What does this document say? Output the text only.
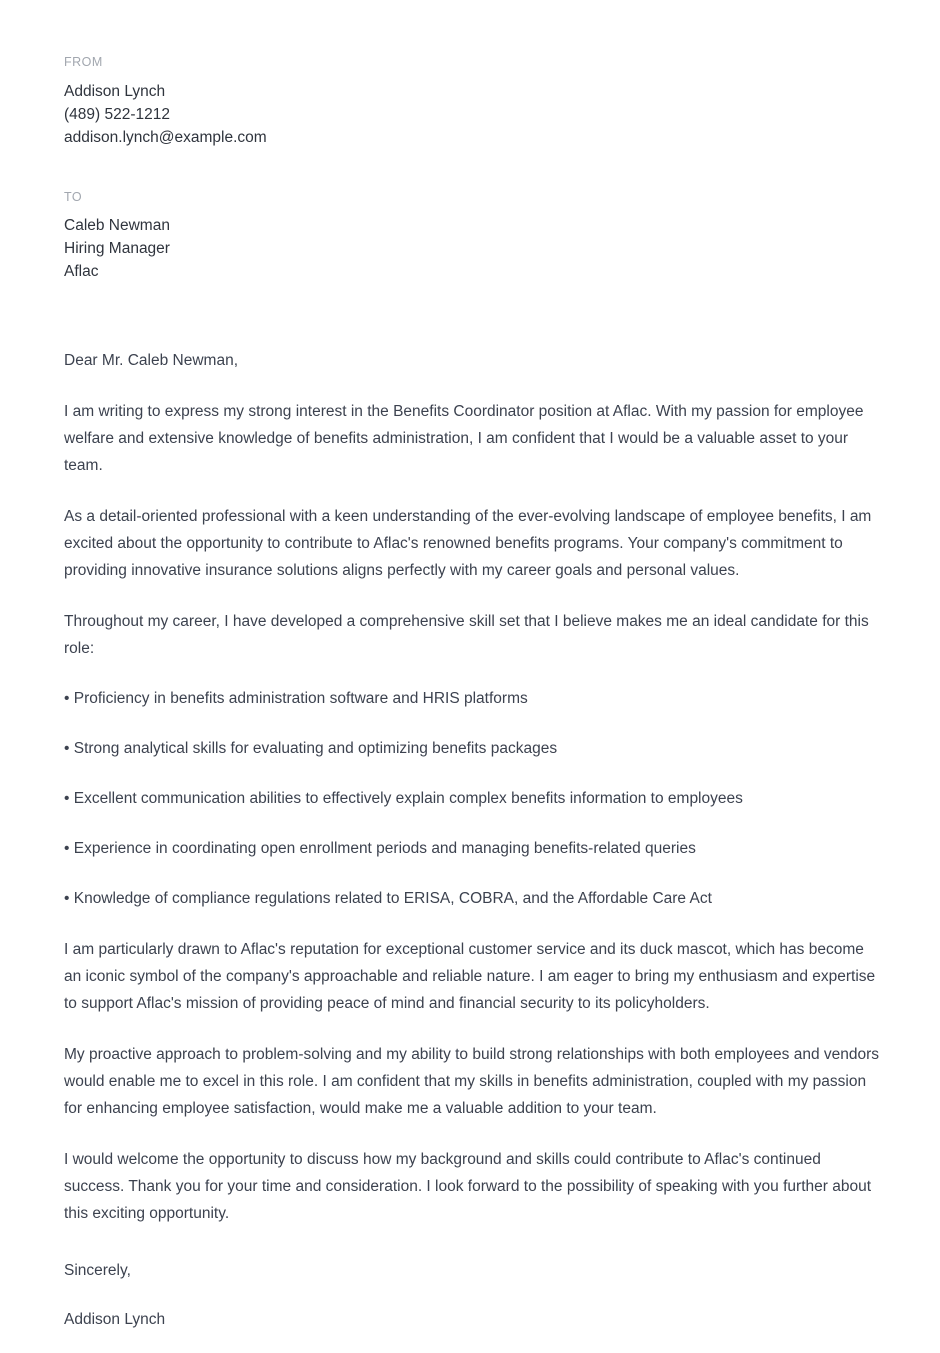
FROM
Addison Lynch
(489) 522-1212
addison.lynch@example.com
TO
Caleb Newman
Hiring Manager
Aflac
Dear Mr. Caleb Newman,

I am writing to express my strong interest in the Benefits Coordinator position at Aflac. With my passion for employee welfare and extensive knowledge of benefits administration, I am confident that I would be a valuable asset to your team.

As a detail-oriented professional with a keen understanding of the ever-evolving landscape of employee benefits, I am excited about the opportunity to contribute to Aflac's renowned benefits programs. Your company's commitment to providing innovative insurance solutions aligns perfectly with my career goals and personal values.

Throughout my career, I have developed a comprehensive skill set that I believe makes me an ideal candidate for this role:

• Proficiency in benefits administration software and HRIS platforms

• Strong analytical skills for evaluating and optimizing benefits packages

• Excellent communication abilities to effectively explain complex benefits information to employees

• Experience in coordinating open enrollment periods and managing benefits-related queries

• Knowledge of compliance regulations related to ERISA, COBRA, and the Affordable Care Act

I am particularly drawn to Aflac's reputation for exceptional customer service and its duck mascot, which has become an iconic symbol of the company's approachable and reliable nature. I am eager to bring my enthusiasm and expertise to support Aflac's mission of providing peace of mind and financial security to its policyholders.

My proactive approach to problem-solving and my ability to build strong relationships with both employees and vendors would enable me to excel in this role. I am confident that my skills in benefits administration, coupled with my passion for enhancing employee satisfaction, would make me a valuable addition to your team.

I would welcome the opportunity to discuss how my background and skills could contribute to Aflac's continued success. Thank you for your time and consideration. I look forward to the possibility of speaking with you further about this exciting opportunity.

Sincerely,
Addison Lynch
